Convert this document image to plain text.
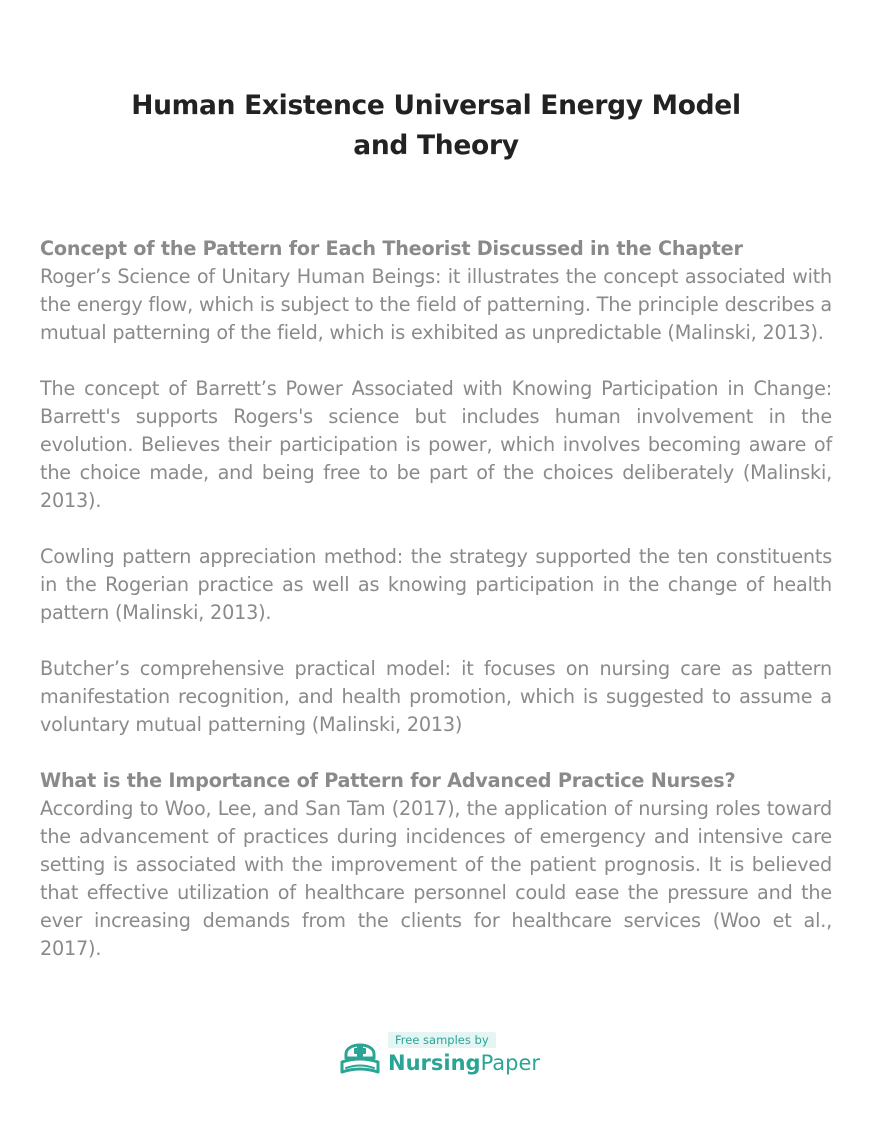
Human Existence Universal Energy Model
and Theory
Concept of the Pattern for Each Theorist Discussed in the Chapter

Roger’s Science of Unitary Human Beings: it illustrates the concept associated with the energy flow, which is subject to the field of patterning. The principle describes a mutual patterning of the field, which is exhibited as unpredictable (Malinski, 2013).

The concept of Barrett’s Power Associated with Knowing Participation in Change: Barrett's supports Rogers's science but includes human involvement in the evolution. Believes their participation is power, which involves becoming aware of the choice made, and being free to be part of the choices deliberately (Malinski, 2013).

Cowling pattern appreciation method: the strategy supported the ten constituents in the Rogerian practice as well as knowing participation in the change of health pattern (Malinski, 2013).

Butcher’s comprehensive practical model: it focuses on nursing care as pattern manifestation recognition, and health promotion, which is suggested to assume a voluntary mutual patterning (Malinski, 2013)

What is the Importance of Pattern for Advanced Practice Nurses?

According to Woo, Lee, and San Tam (2017), the application of nursing roles toward the advancement of practices during incidences of emergency and intensive care setting is associated with the improvement of the patient prognosis. It is believed that effective utilization of healthcare personnel could ease the pressure and the ever increasing demands from the clients for healthcare services (Woo et al., 2017).

Free samples by
NursingPaper
